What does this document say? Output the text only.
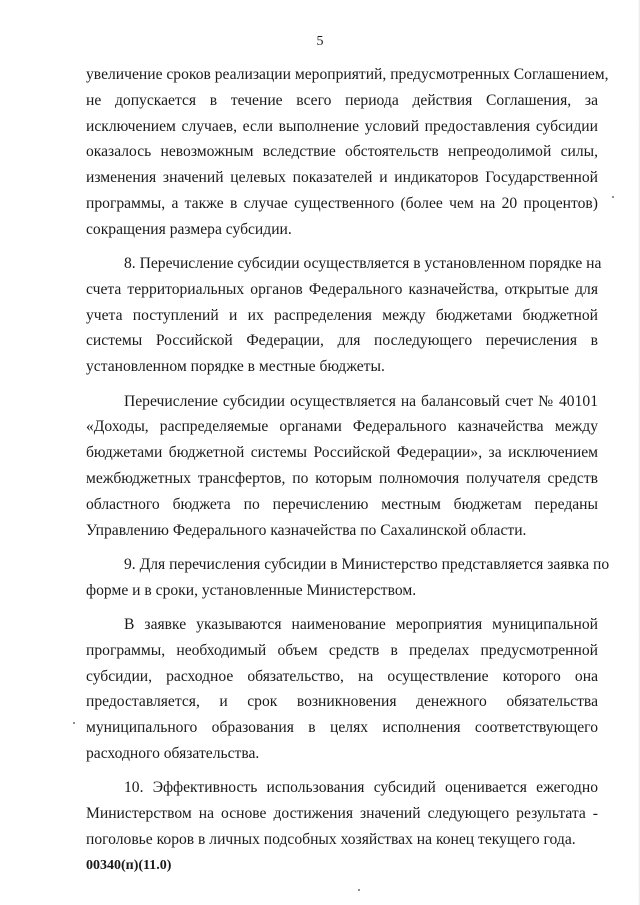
5
увеличение сроков реализации мероприятий, предусмотренных Соглашением,
не допускается в течение всего периода действия Соглашения, за
исключением случаев, если выполнение условий предоставления субсидии
оказалось невозможным вследствие обстоятельств непреодолимой силы,
изменения значений целевых показателей и индикаторов Государственной
программы, а также в случае существенного (более чем на 20 процентов)
сокращения размера субсидии.
8. Перечисление субсидии осуществляется в установленном порядке на
счета территориальных органов Федерального казначейства, открытые для
учета поступлений и их распределения между бюджетами бюджетной
системы Российской Федерации, для последующего перечисления в
установленном порядке в местные бюджеты.
Перечисление субсидии осуществляется на балансовый счет № 40101
«Доходы, распределяемые органами Федерального казначейства между
бюджетами бюджетной системы Российской Федерации», за исключением
межбюджетных трансфертов, по которым полномочия получателя средств
областного бюджета по перечислению местным бюджетам переданы
Управлению Федерального казначейства по Сахалинской области.
9. Для перечисления субсидии в Министерство представляется заявка по
форме и в сроки, установленные Министерством.
В заявке указываются наименование мероприятия муниципальной
программы, необходимый объем средств в пределах предусмотренной
субсидии, расходное обязательство, на осуществление которого она
предоставляется, и срок возникновения денежного обязательства
муниципального образования в целях исполнения соответствующего
расходного обязательства.
10. Эффективность использования субсидий оценивается ежегодно
Министерством на основе достижения значений следующего результата -
поголовье коров в личных подсобных хозяйствах на конец текущего года.
00340(п)(11.0)
